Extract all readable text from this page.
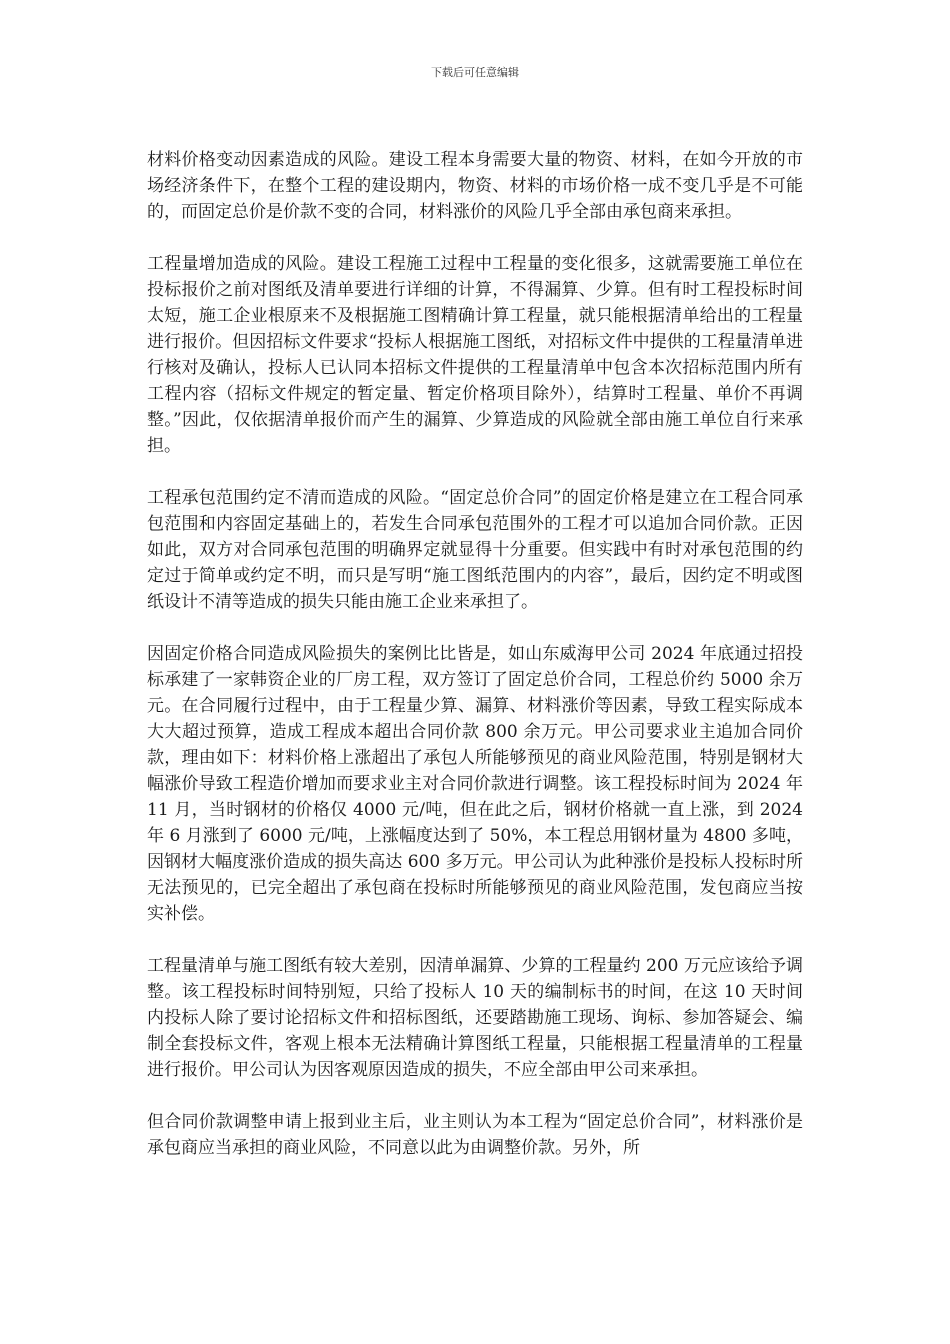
下载后可任意编辑

材料价格变动因素造成的风险。建设工程本身需要大量的物资、材料，在如今开放的市场经济条件下，在整个工程的建设期内，物资、材料的市场价格一成不变几乎是不可能的，而固定总价是价款不变的合同，材料涨价的风险几乎全部由承包商来承担。

工程量增加造成的风险。建设工程施工过程中工程量的变化很多，这就需要施工单位在投标报价之前对图纸及清单要进行详细的计算，不得漏算、少算。但有时工程投标时间太短，施工企业根原来不及根据施工图精确计算工程量，就只能根据清单给出的工程量进行报价。但因招标文件要求“投标人根据施工图纸，对招标文件中提供的工程量清单进行核对及确认，投标人已认同本招标文件提供的工程量清单中包含本次招标范围内所有工程内容（招标文件规定的暂定量、暂定价格项目除外），结算时工程量、单价不再调整。”因此，仅依据清单报价而产生的漏算、少算造成的风险就全部由施工单位自行来承担。

工程承包范围约定不清而造成的风险。“固定总价合同”的固定价格是建立在工程合同承包范围和内容固定基础上的，若发生合同承包范围外的工程才可以追加合同价款。正因如此，双方对合同承包范围的明确界定就显得十分重要。但实践中有时对承包范围的约定过于简单或约定不明，而只是写明“施工图纸范围内的内容”，最后，因约定不明或图纸设计不清等造成的损失只能由施工企业来承担了。

因固定价格合同造成风险损失的案例比比皆是，如山东威海甲公司 2024 年底通过招投标承建了一家韩资企业的厂房工程，双方签订了固定总价合同，工程总价约 5000 余万元。在合同履行过程中，由于工程量少算、漏算、材料涨价等因素，导致工程实际成本大大超过预算，造成工程成本超出合同价款 800 余万元。甲公司要求业主追加合同价款，理由如下：材料价格上涨超出了承包人所能够预见的商业风险范围，特别是钢材大幅涨价导致工程造价增加而要求业主对合同价款进行调整。该工程投标时间为 2024 年 11 月，当时钢材的价格仅 4000 元/吨，但在此之后，钢材价格就一直上涨，到 2024 年 6 月涨到了 6000 元/吨，上涨幅度达到了 50%，本工程总用钢材量为 4800 多吨，因钢材大幅度涨价造成的损失高达 600 多万元。甲公司认为此种涨价是投标人投标时所无法预见的，已完全超出了承包商在投标时所能够预见的商业风险范围，发包商应当按实补偿。

工程量清单与施工图纸有较大差别，因清单漏算、少算的工程量约 200 万元应该给予调整。该工程投标时间特别短，只给了投标人 10 天的编制标书的时间，在这 10 天时间内投标人除了要讨论招标文件和招标图纸，还要踏勘施工现场、询标、参加答疑会、编制全套投标文件，客观上根本无法精确计算图纸工程量，只能根据工程量清单的工程量进行报价。甲公司认为因客观原因造成的损失，不应全部由甲公司来承担。

但合同价款调整申请上报到业主后，业主则认为本工程为“固定总价合同”，材料涨价是承包商应当承担的商业风险，不同意以此为由调整价款。另外，所
